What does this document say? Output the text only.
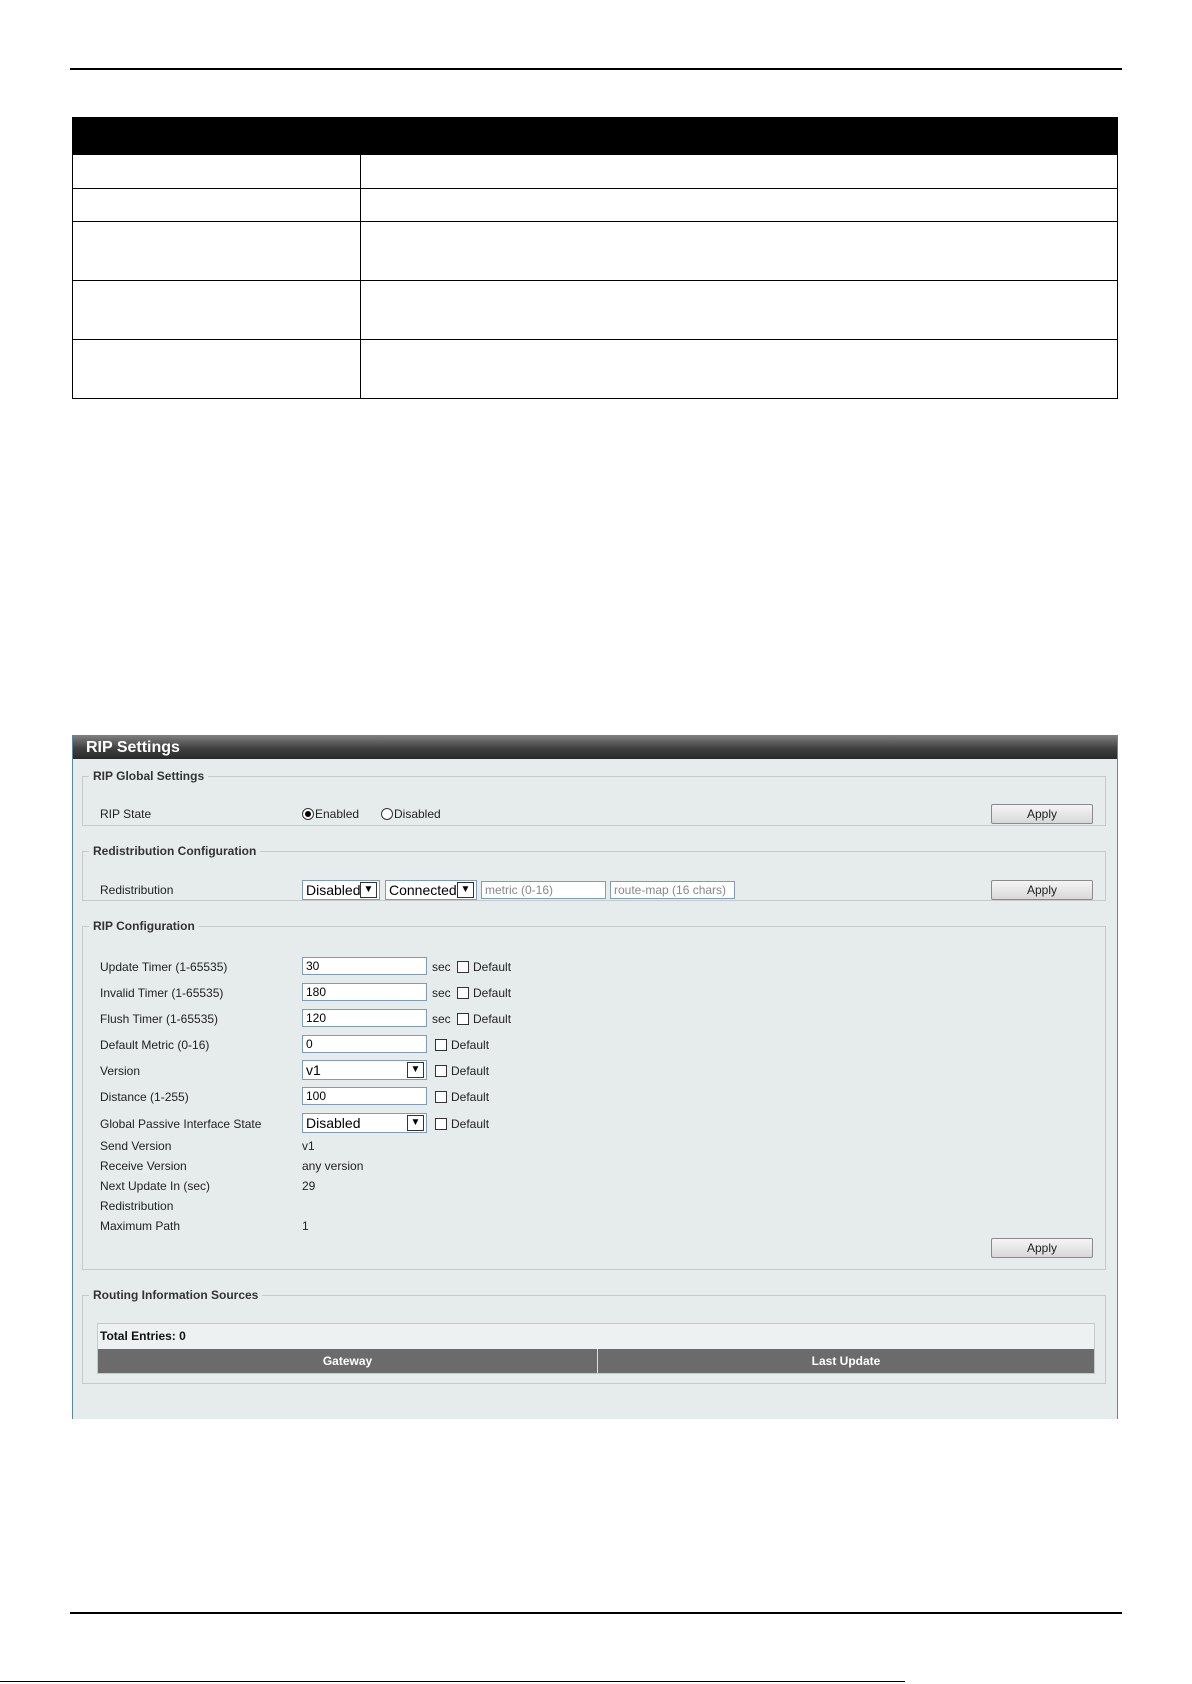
RIP Settings
RIP Global Settings
RIP State	Enabled	Disabled	Apply
Redistribution Configuration
Redistribution	Disabled ▼ Connected ▼	metric (0-16)	route-map (16 chars)	Apply
RIP Configuration
Update Timer (1-65535)	30	sec Default
Invalid Timer (1-65535)	180	sec Default
Flush Timer (1-65535)	120	sec Default
Default Metric (0-16)	0	Default
Version	v1	▼	Default
Distance (1-255)	100	Default
Global Passive Interface State	Disabled	▼	Default
Send Version	v1
Receive Version	any version
Next Update In (sec)	29
Redistribution
Maximum Path	1
Apply
Routing Information Sources
Total Entries: 0
Gateway	Last Update
